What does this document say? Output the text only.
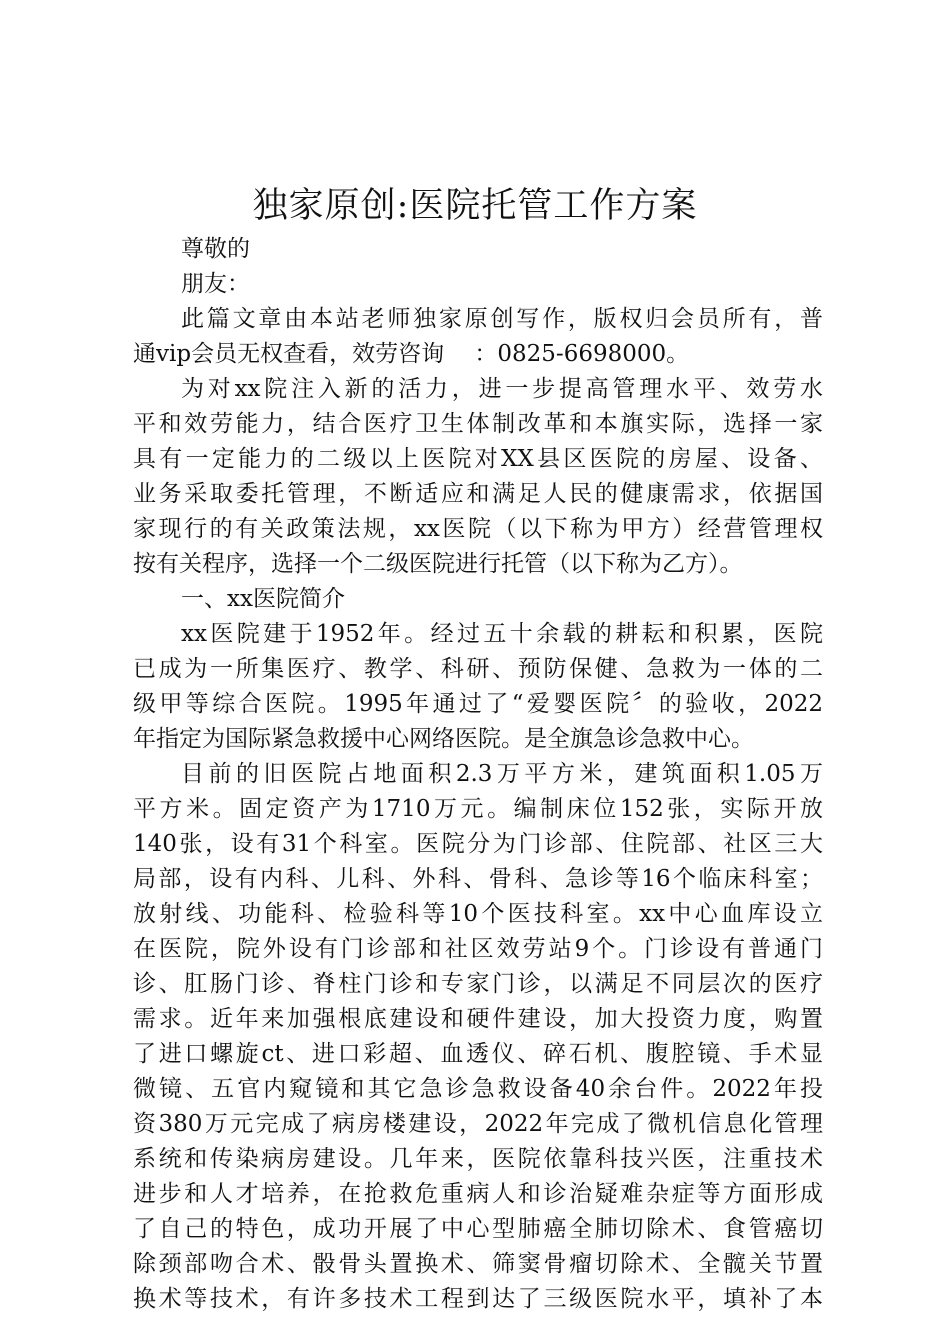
独家原创:医院托管工作方案
尊敬的
朋友：
此篇文章由本站老师独家原创写作，版权归会员所有，普
通vip会员无权查看，效劳咨询　 ：0825-6698000。
为对xx院注入新的活力，进一步提高管理水平、效劳水
平和效劳能力，结合医疗卫生体制改革和本旗实际，选择一家
具有一定能力的二级以上医院对XX县区医院的房屋、设备、
业务采取委托管理，不断适应和满足人民的健康需求，依据国
家现行的有关政策法规，xx医院（以下称为甲方）经营管理权
按有关程序，选择一个二级医院进行托管（以下称为乙方）。
一、xx医院简介
xx医院建于1952年。经过五十余载的耕耘和积累，医院
已成为一所集医疗、教学、科研、预防保健、急救为一体的二
级甲等综合医院。1995年通过了“爱婴医院〞的验收，2022
年指定为国际紧急救援中心网络医院。是全旗急诊急救中心。
目前的旧医院占地面积2.3万平方米，建筑面积1.05万
平方米。固定资产为1710万元。编制床位152张，实际开放
140张，设有31个科室。医院分为门诊部、住院部、社区三大
局部，设有内科、儿科、外科、骨科、急诊等16个临床科室；
放射线、功能科、检验科等10个医技科室。xx中心血库设立
在医院，院外设有门诊部和社区效劳站9个。门诊设有普通门
诊、肛肠门诊、脊柱门诊和专家门诊，以满足不同层次的医疗
需求。近年来加强根底建设和硬件建设，加大投资力度，购置
了进口螺旋ct、进口彩超、血透仪、碎石机、腹腔镜、手术显
微镜、五官内窥镜和其它急诊急救设备40余台件。2022年投
资380万元完成了病房楼建设，2022年完成了微机信息化管理
系统和传染病房建设。几年来，医院依靠科技兴医，注重技术
进步和人才培养，在抢救危重病人和诊治疑难杂症等方面形成
了自己的特色，成功开展了中心型肺癌全肺切除术、食管癌切
除颈部吻合术、骰骨头置换术、筛窦骨瘤切除术、全髋关节置
换术等技术，有许多技术工程到达了三级医院水平，填补了本
